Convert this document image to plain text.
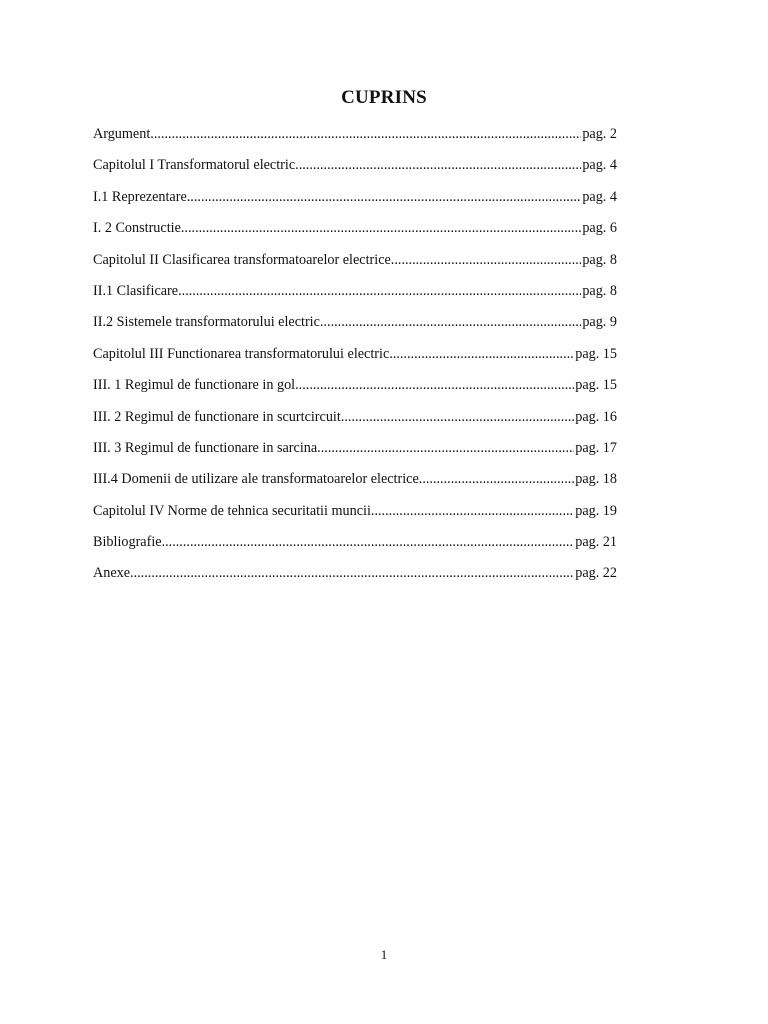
CUPRINS
Argument .....	pag. 2
Capitolul I Transformatorul electric .....	pag. 4
I.1 Reprezentare .....	pag. 4
I. 2 Constructie .....	pag. 6
Capitolul II Clasificarea transformatoarelor electrice .....	pag. 8
II.1 Clasificare .....	pag. 8
II.2 Sistemele transformatorului electric .....	pag. 9
Capitolul III Functionarea transformatorului electric .....	pag. 15
III. 1 Regimul de functionare in gol .....	pag. 15
III. 2 Regimul de functionare in scurtcircuit .....	pag. 16
III. 3 Regimul de functionare in sarcina .....	pag. 17
III.4 Domenii de utilizare ale transformatoarelor electrice .....	pag. 18
Capitolul IV Norme de tehnica securitatii muncii .....	pag. 19
Bibliografie .....	pag. 21
Anexe .....	pag. 22
1
